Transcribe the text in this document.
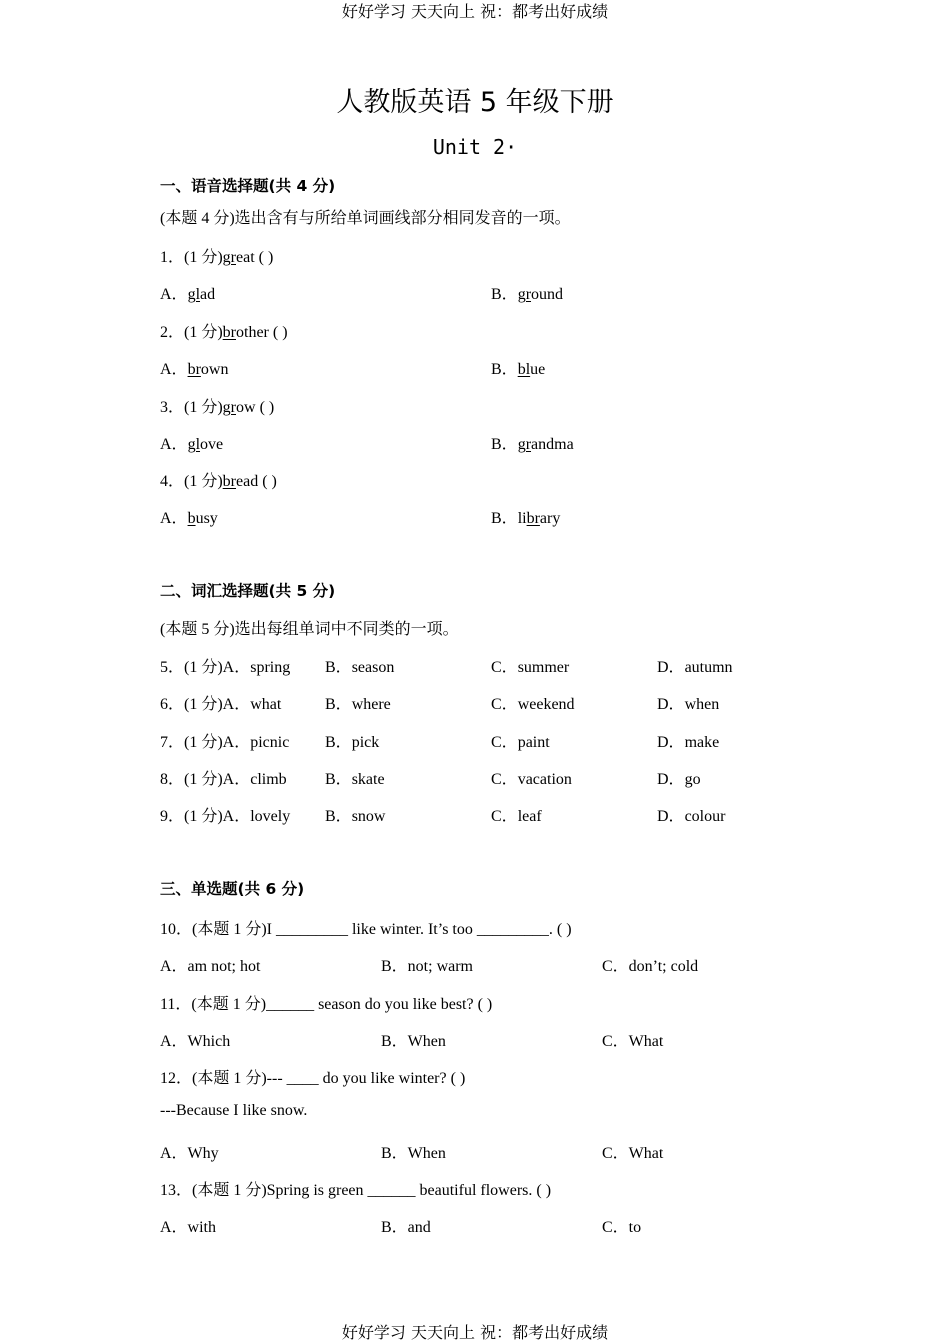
好好学习 天天向上 祝：都考出好成绩
好好学习 天天向上 祝：都考出好成绩
人教版英语 5 年级下册
Unit 2·
一、语音选择题(共 4 分)
(本题 4 分)选出含有与所给单词画线部分相同发音的一项。
1．(1 分)great ( )
A．glad	B．ground
2．(1 分)brother ( )
A．brown	B．blue
3．(1 分)grow ( )
A．glove	B．grandma
4．(1 分)bread ( )
A．busy	B．library
二、词汇选择题(共 5 分)
(本题 5 分)选出每组单词中不同类的一项。
5．(1 分)A．spring B．season	C．summer	D．autumn
6．(1 分)A．what	B．where	C．weekend	D．when
7．(1 分)A．picnic B．pick	C．paint	D．make
8．(1 分)A．climb B．skate	C．vacation	D．go
9．(1 分)A．lovely B．snow	C．leaf	D．colour
三、单选题(共 6 分)
10．(本题 1 分)I _________ like winter. It’s too _________. ( )
A．am not; hot	B．not; warm	C．don’t; cold
11．(本题 1 分)______ season do you like best? ( )
A．Which	B．When	C．What
12．(本题 1 分)--- ____ do you like winter? ( )
---Because I like snow.
A．Why	B．When	C．What
13．(本题 1 分)Spring is green ______ beautiful flowers. ( )
A．with	B．and	C．to
